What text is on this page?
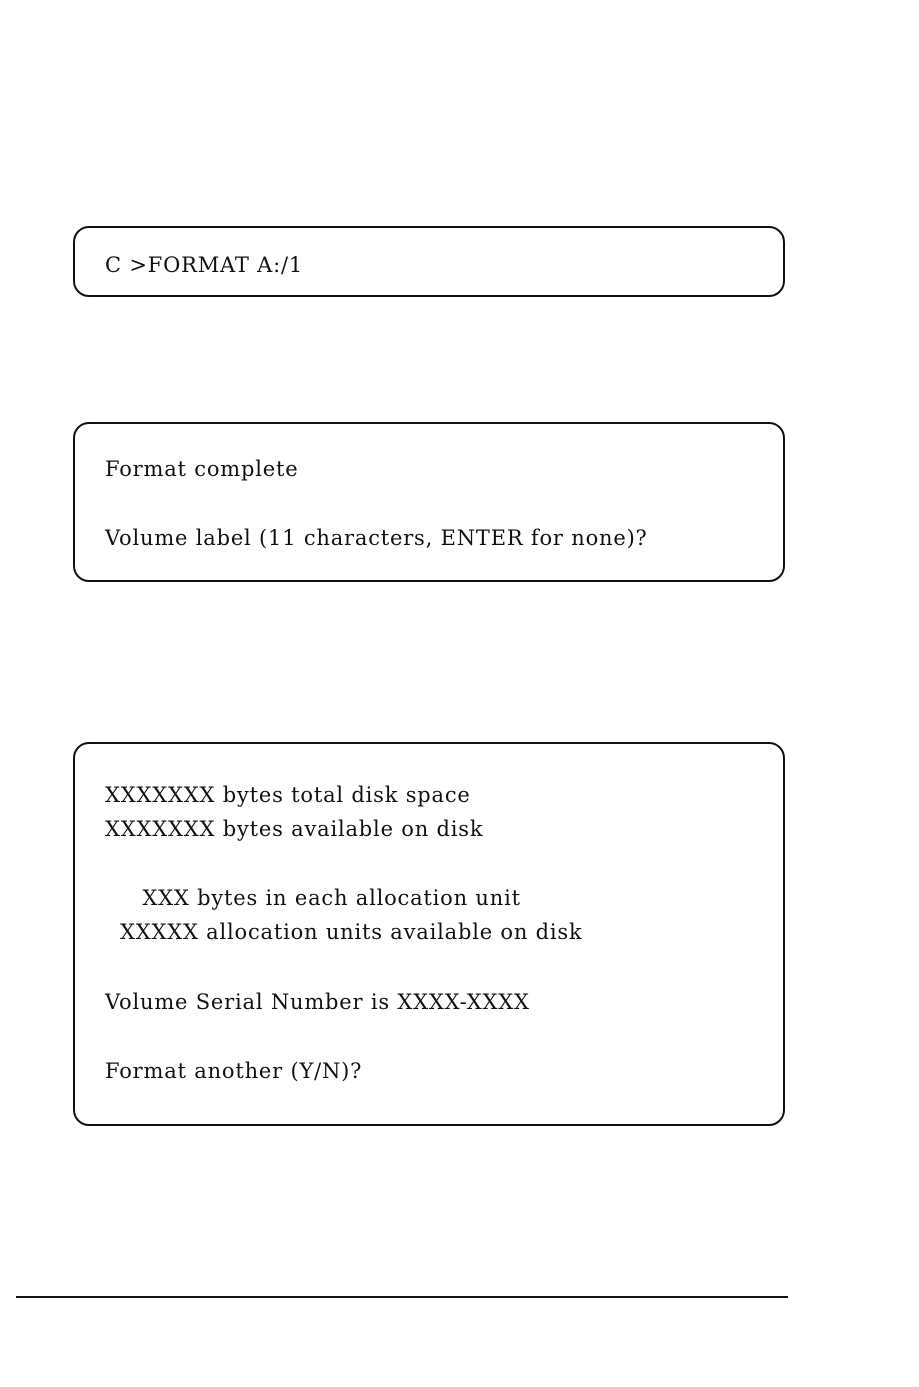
C >FORMAT A:/1
Format complete
Volume label (11 characters, ENTER for none)?
XXXXXXX bytes total disk space
XXXXXXX bytes available on disk
XXX bytes in each allocation unit
XXXXX allocation units available on disk
Volume Serial Number is XXXX-XXXX
Format another (Y/N)?
